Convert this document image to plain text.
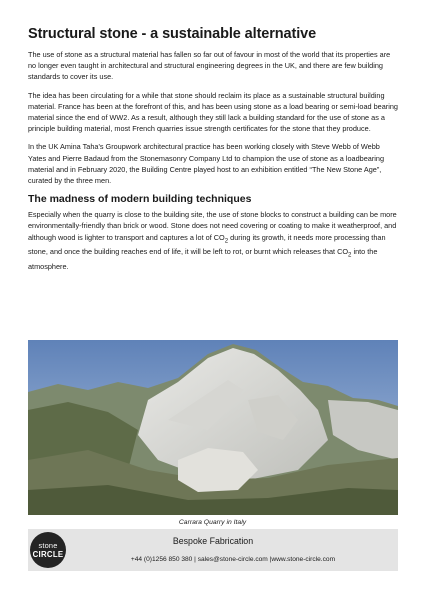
Structural stone - a sustainable alternative

The use of stone as a structural material has fallen so far out of favour in most of the world that its properties are no longer even taught in architectural and structural engineering degrees in the UK, and there are few building standards to cover its use.

The idea has been circulating for a while that stone should reclaim its place as a sustainable structural building material. France has been at the forefront of this, and has been using stone as a load bearing or semi-load bearing material since the end of WW2. As a result, although they still lack a building standard for the use of stone as a principle building material, most French quarries issue strength certificates for the stone that they produce.

In the UK Amina Taha's Groupwork architectural practice has been working closely with Steve Webb of Webb Yates and Pierre Badaud from the Stonemasonry Company Ltd to champion the use of stone as a loadbearing material and in February 2020, the Building Centre played host to an exhibition entitled “The New Stone Age”, curated by the three men.

The madness of modern building techniques

Especially when the quarry is close to the building site, the use of stone blocks to construct a building can be more environmentally-friendly than brick or wood. Stone does not need covering or coating to make it weatherproof, and although wood is lighter to transport and captures a lot of $CO_2$ during its growth, it needs more processing than stone, and once the building reaches end of life, it will be left to rot, or burnt which releases that $CO_2$ into the atmosphere.

Carrara Quarry in Italy
stone
CIRCLE
Bespoke Fabrication
+44 (0)1256 850 380 | sales@stone-circle.com |www.stone-circle.com
